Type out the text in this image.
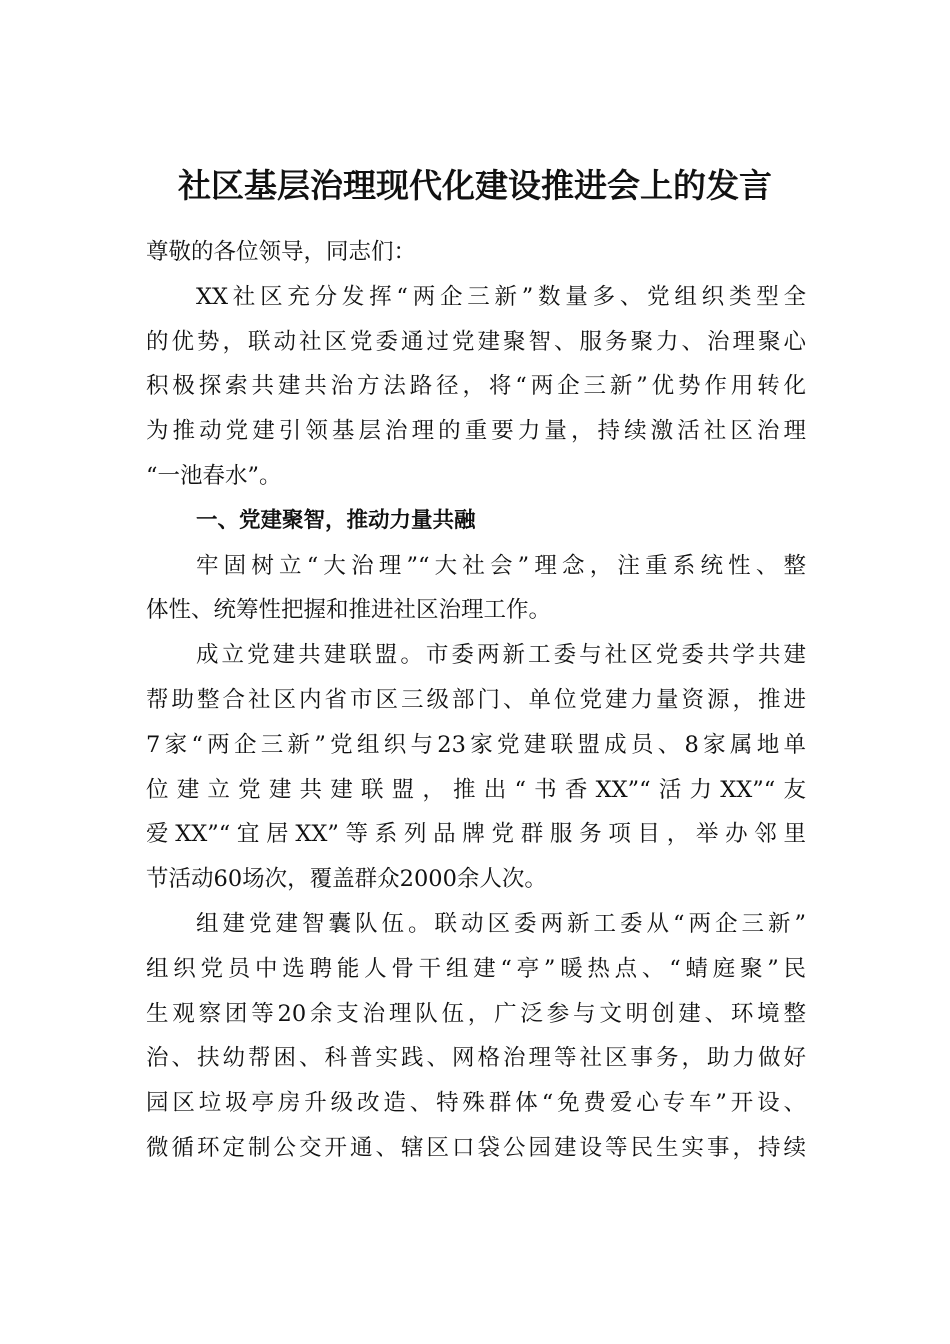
社区基层治理现代化建设推进会上的发言
尊敬的各位领导，同志们：
XX社区充分发挥“两企三新”数量多、党组织类型全
的优势，联动社区党委通过党建聚智、服务聚力、治理聚心
积极探索共建共治方法路径，将“两企三新”优势作用转化
为推动党建引领基层治理的重要力量，持续激活社区治理
“一池春水”。
一、党建聚智，推动力量共融
牢固树立“大治理”“大社会”理念，注重系统性、整
体性、统筹性把握和推进社区治理工作。
成立党建共建联盟。市委两新工委与社区党委共学共建
帮助整合社区内省市区三级部门、单位党建力量资源，推进
7家“两企三新”党组织与23家党建联盟成员、8家属地单
位建立党建共建联盟，推出“书香XX”“活力XX”“友
爱XX”“宜居XX”等系列品牌党群服务项目，举办邻里
节活动60场次，覆盖群众2000余人次。
组建党建智囊队伍。联动区委两新工委从“两企三新”
组织党员中选聘能人骨干组建“亭”暖热点、“蜻庭聚”民
生观察团等20余支治理队伍，广泛参与文明创建、环境整
治、扶幼帮困、科普实践、网格治理等社区事务，助力做好
园区垃圾亭房升级改造、特殊群体“免费爱心专车”开设、
微循环定制公交开通、辖区口袋公园建设等民生实事，持续
